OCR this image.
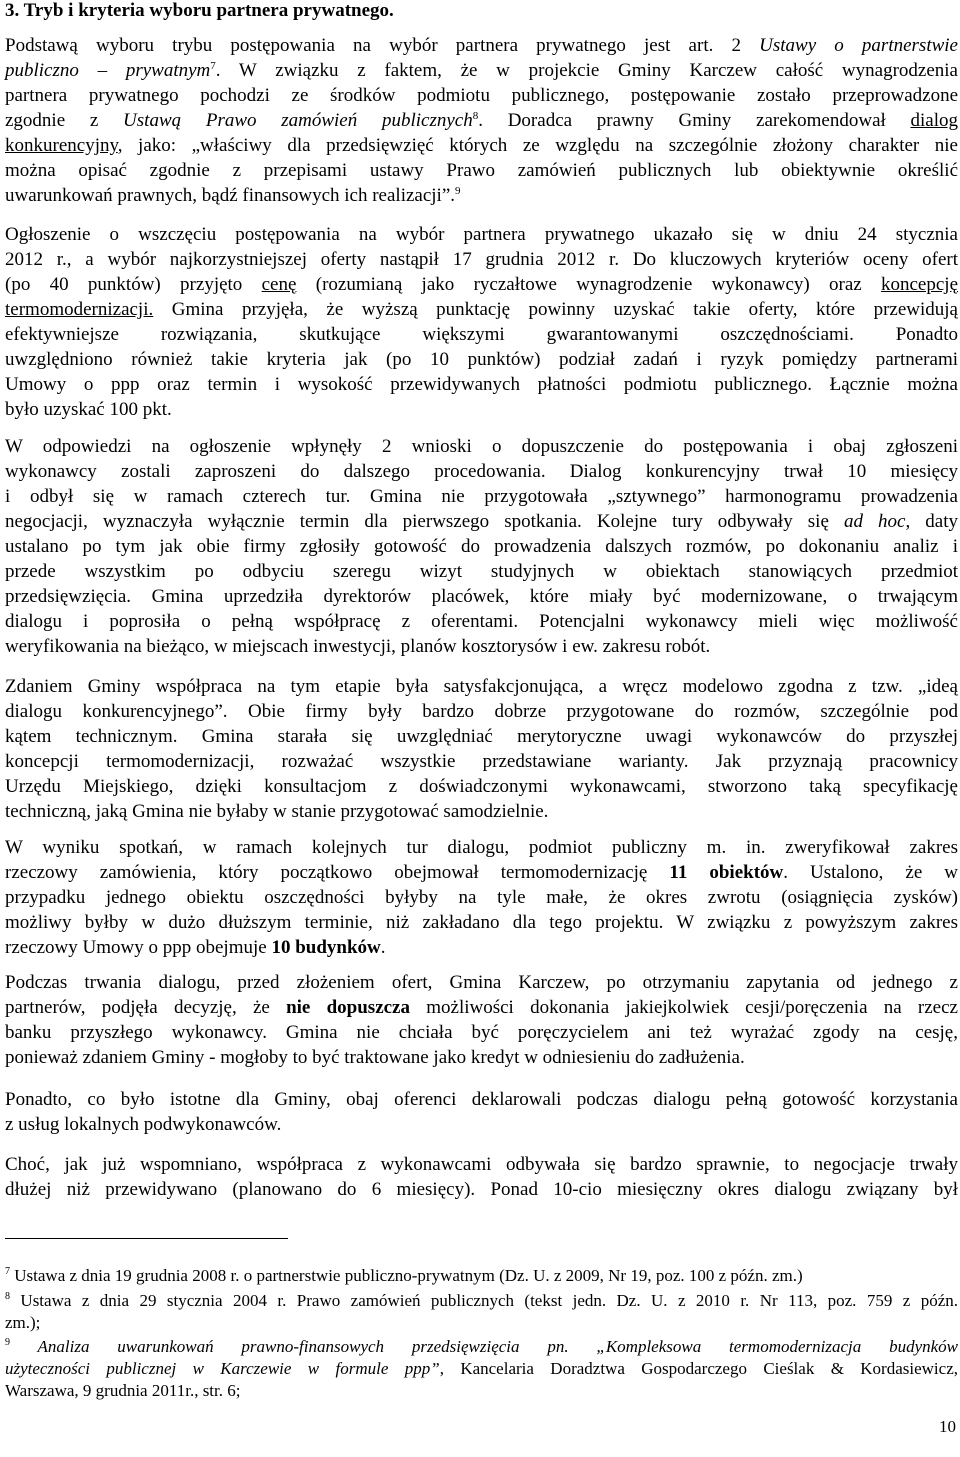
3. Tryb i kryteria wyboru partnera prywatnego.
Podstawą wyboru trybu postępowania na wybór partnera prywatnego jest art. 2 Ustawy o partnerstwie
publiczno – prywatnym$^7$. W związku z faktem, że w projekcie Gminy Karczew całość wynagrodzenia
partnera prywatnego pochodzi ze środków podmiotu publicznego, postępowanie zostało przeprowadzone
zgodnie z Ustawą Prawo zamówień publicznych$^8$. Doradca prawny Gminy zarekomendował dialog
konkurencyjny, jako: „właściwy dla przedsięwzięć których ze względu na szczególnie złożony charakter nie
można opisać zgodnie z przepisami ustawy Prawo zamówień publicznych lub obiektywnie określić
uwarunkowań prawnych, bądź finansowych ich realizacji”.$^9$
Ogłoszenie o wszczęciu postępowania na wybór partnera prywatnego ukazało się w dniu 24 stycznia
2012 r., a wybór najkorzystniejszej oferty nastąpił 17 grudnia 2012 r. Do kluczowych kryteriów oceny ofert
(po 40 punktów) przyjęto cenę (rozumianą jako ryczałtowe wynagrodzenie wykonawcy) oraz koncepcję
termomodernizacji. Gmina przyjęła, że wyższą punktację powinny uzyskać takie oferty, które przewidują
efektywniejsze rozwiązania, skutkujące większymi gwarantowanymi oszczędnościami. Ponadto
uwzględniono również takie kryteria jak (po 10 punktów) podział zadań i ryzyk pomiędzy partnerami
Umowy o ppp oraz termin i wysokość przewidywanych płatności podmiotu publicznego. Łącznie można
było uzyskać 100 pkt.
W odpowiedzi na ogłoszenie wpłynęły 2 wnioski o dopuszczenie do postępowania i obaj zgłoszeni
wykonawcy zostali zaproszeni do dalszego procedowania. Dialog konkurencyjny trwał 10 miesięcy
i odbył się w ramach czterech tur. Gmina nie przygotowała „sztywnego” harmonogramu prowadzenia
negocjacji, wyznaczyła wyłącznie termin dla pierwszego spotkania. Kolejne tury odbywały się ad hoc, daty
ustalano po tym jak obie firmy zgłosiły gotowość do prowadzenia dalszych rozmów, po dokonaniu analiz i
przede wszystkim po odbyciu szeregu wizyt studyjnych w obiektach stanowiących przedmiot
przedsięwzięcia. Gmina uprzedziła dyrektorów placówek, które miały być modernizowane, o trwającym
dialogu i poprosiła o pełną współpracę z oferentami. Potencjalni wykonawcy mieli więc możliwość
weryfikowania na bieżąco, w miejscach inwestycji, planów kosztorysów i ew. zakresu robót.
Zdaniem Gminy współpraca na tym etapie była satysfakcjonująca, a wręcz modelowo zgodna z tzw. „ideą
dialogu konkurencyjnego”. Obie firmy były bardzo dobrze przygotowane do rozmów, szczególnie pod
kątem technicznym. Gmina starała się uwzględniać merytoryczne uwagi wykonawców do przyszłej
koncepcji termomodernizacji, rozważać wszystkie przedstawiane warianty. Jak przyznają pracownicy
Urzędu Miejskiego, dzięki konsultacjom z doświadczonymi wykonawcami, stworzono taką specyfikację
techniczną, jaką Gmina nie byłaby w stanie przygotować samodzielnie.
W wyniku spotkań, w ramach kolejnych tur dialogu, podmiot publiczny m. in. zweryfikował zakres
rzeczowy zamówienia, który początkowo obejmował termomodernizację 11 obiektów. Ustalono, że w
przypadku jednego obiektu oszczędności byłyby na tyle małe, że okres zwrotu (osiągnięcia zysków)
możliwy byłby w dużo dłuższym terminie, niż zakładano dla tego projektu. W związku z powyższym zakres
rzeczowy Umowy o ppp obejmuje 10 budynków.
Podczas trwania dialogu, przed złożeniem ofert, Gmina Karczew, po otrzymaniu zapytania od jednego z
partnerów, podjęła decyzję, że nie dopuszcza możliwości dokonania jakiejkolwiek cesji/poręczenia na rzecz
banku przyszłego wykonawcy. Gmina nie chciała być poręczycielem ani też wyrażać zgody na cesję,
ponieważ zdaniem Gminy - mogłoby to być traktowane jako kredyt w odniesieniu do zadłużenia.
Ponadto, co było istotne dla Gminy, obaj oferenci deklarowali podczas dialogu pełną gotowość korzystania
z usług lokalnych podwykonawców.
Choć, jak już wspomniano, współpraca z wykonawcami odbywała się bardzo sprawnie, to negocjacje trwały
dłużej niż przewidywano (planowano do 6 miesięcy). Ponad 10-cio miesięczny okres dialogu związany był
$^7$ Ustawa z dnia 19 grudnia 2008 r. o partnerstwie publiczno-prywatnym (Dz. U. z 2009, Nr 19, poz. 100 z późn. zm.)
$^8$ Ustawa z dnia 29 stycznia 2004 r. Prawo zamówień publicznych (tekst jedn. Dz. U. z 2010 r. Nr 113, poz. 759 z późn.
zm.);
$^9$ Analiza uwarunkowań prawno-finansowych przedsięwzięcia pn. „Kompleksowa termomodernizacja budynków
użyteczności publicznej w Karczewie w formule ppp”, Kancelaria Doradztwa Gospodarczego Cieślak & Kordasiewicz,
Warszawa, 9 grudnia 2011r., str. 6;
10
